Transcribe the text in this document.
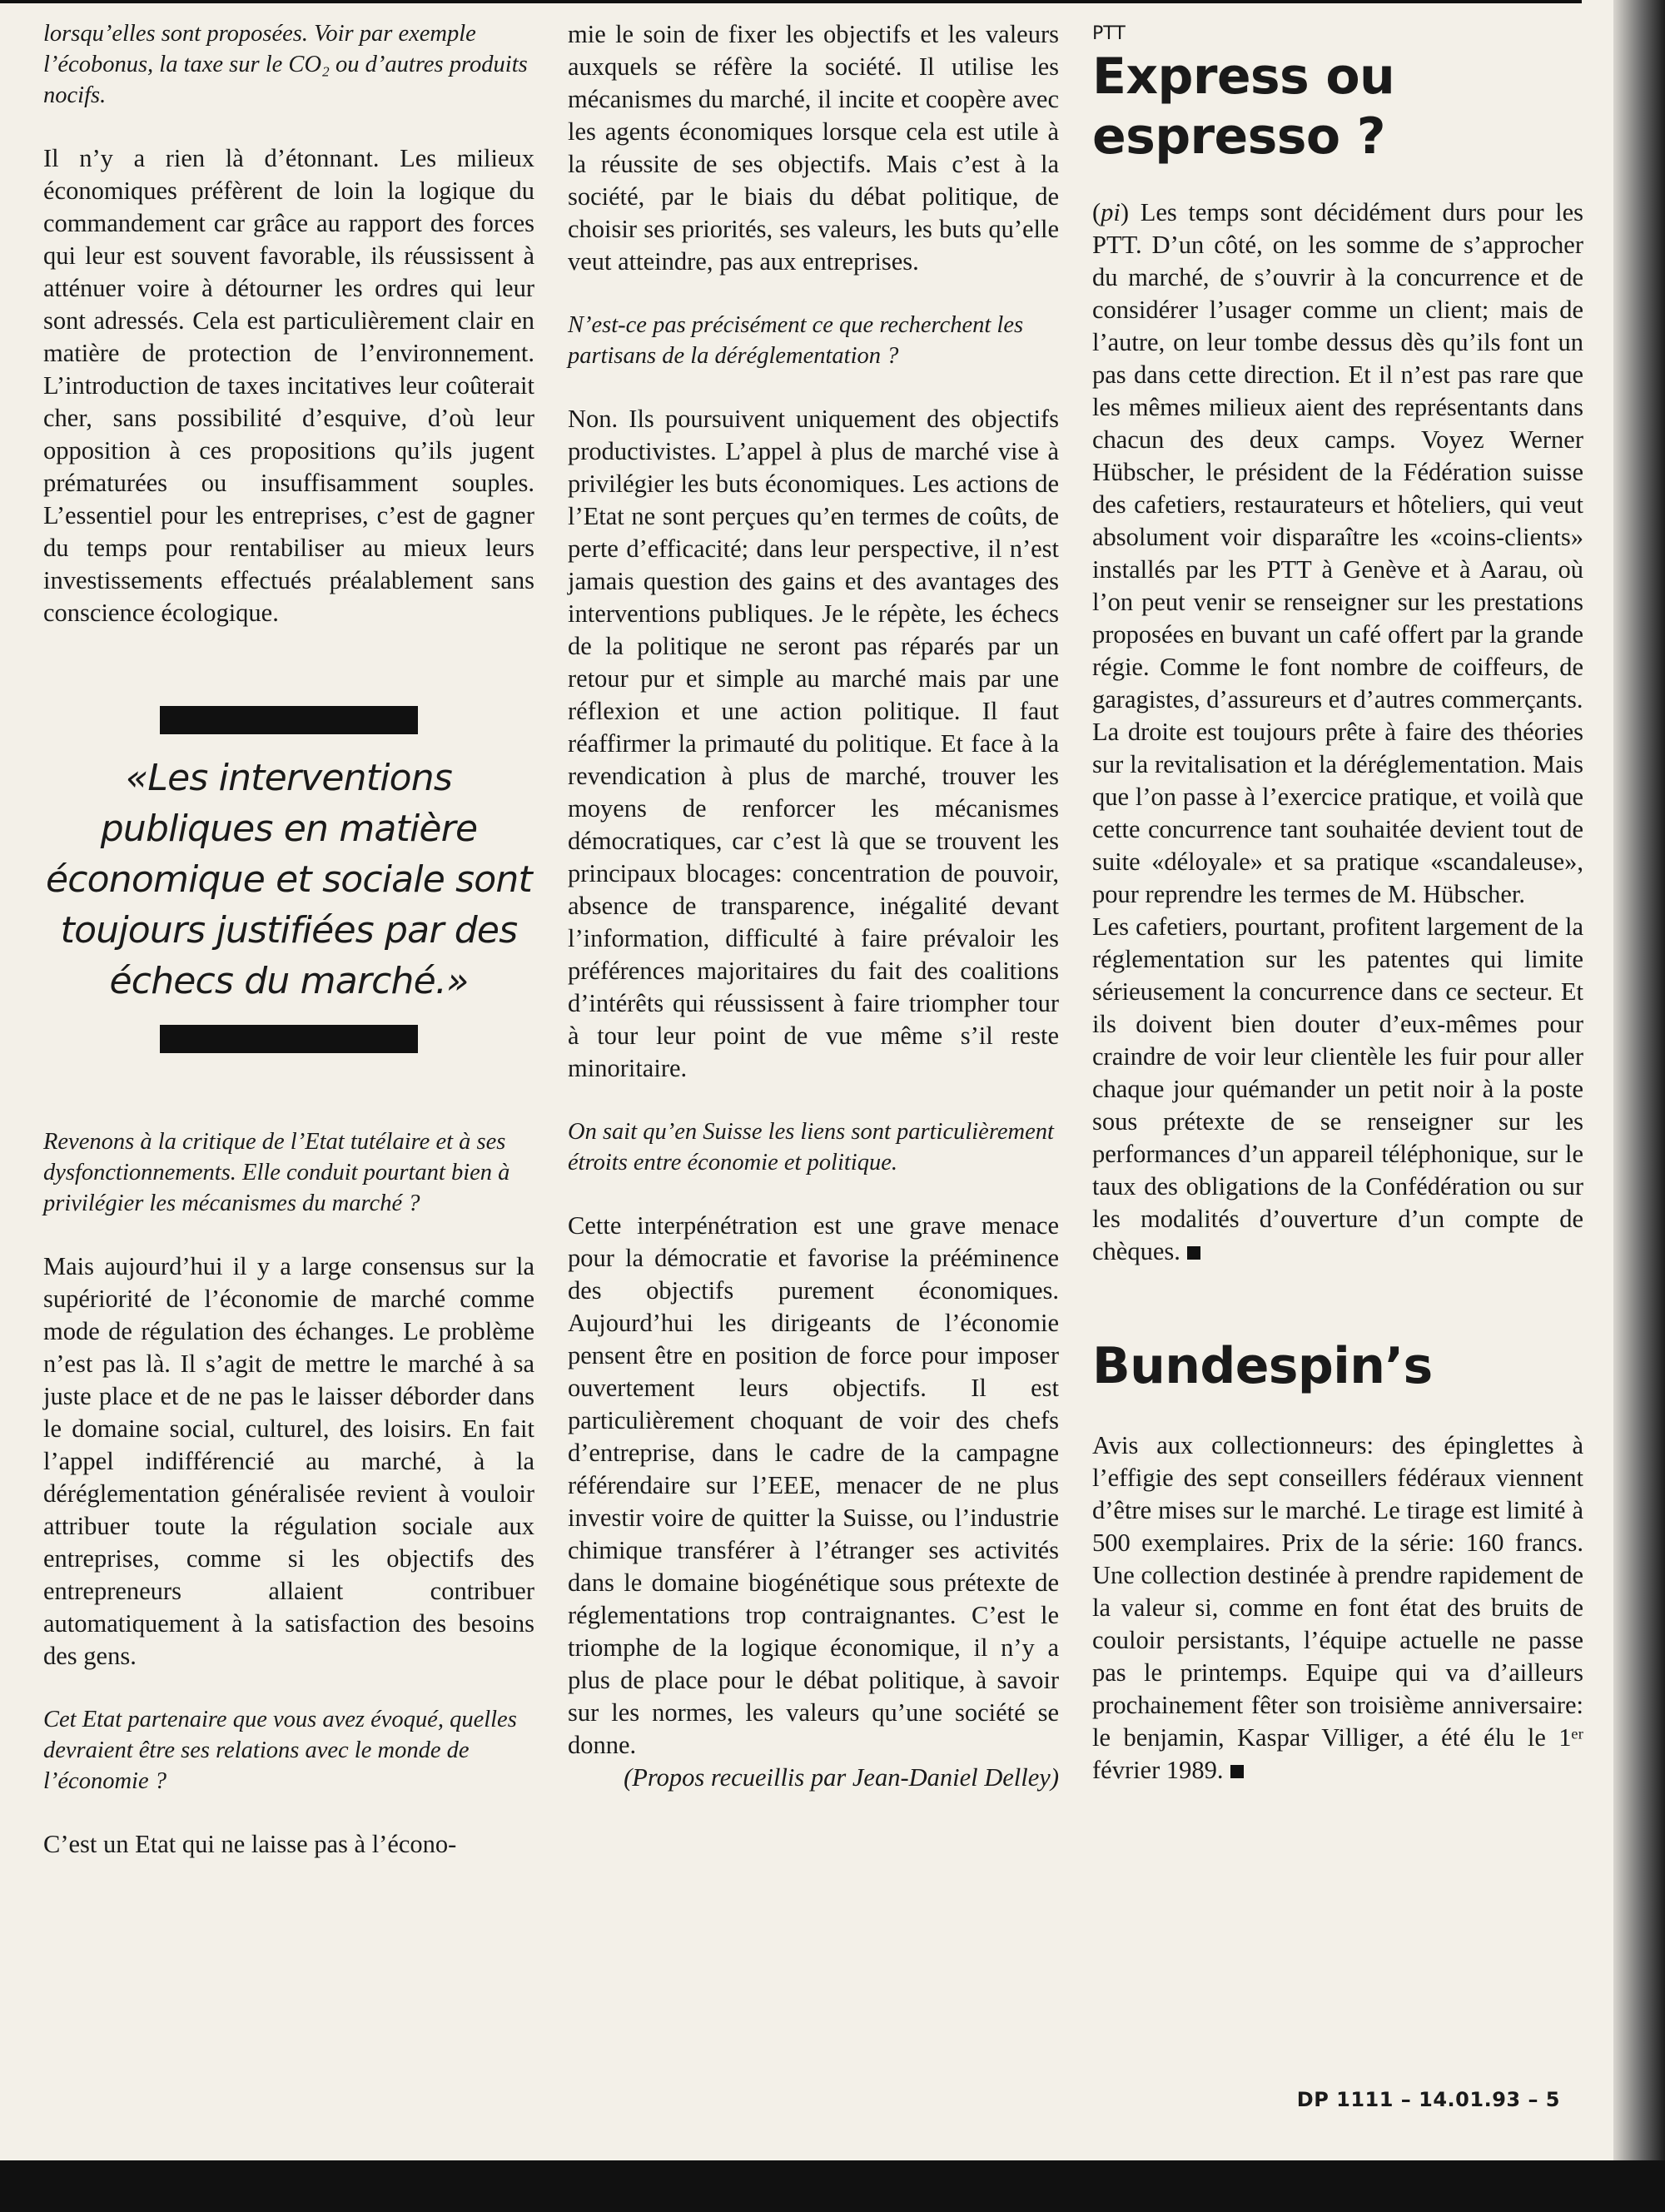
lorsqu’elles sont proposées. Voir par exemple l’écobonus, la taxe sur le CO₂ ou d’autres produits nocifs.

Il n’y a rien là d’étonnant. Les milieux économiques préfèrent de loin la logique du commandement car grâce au rapport des forces qui leur est souvent favorable, ils réussissent à atténuer voire à détourner les ordres qui leur sont adressés. Cela est particulièrement clair en matière de protection de l’environnement. L’introduction de taxes incitatives leur coûterait cher, sans possibilité d’esquive, d’où leur opposition à ces propositions qu’ils jugent prématurées ou insuffisamment souples. L’essentiel pour les entreprises, c’est de gagner du temps pour rentabiliser au mieux leurs investissements effectués préalablement sans conscience écologique.

«Les interventions publiques en matière économique et sociale sont toujours justifiées par des échecs du marché.»

Revenons à la critique de l’Etat tutélaire et à ses dysfonctionnements. Elle conduit pourtant bien à privilégier les mécanismes du marché ?

Mais aujourd’hui il y a large consensus sur la supériorité de l’économie de marché comme mode de régulation des échanges. Le problème n’est pas là. Il s’agit de mettre le marché à sa juste place et de ne pas le laisser déborder dans le domaine social, culturel, des loisirs. En fait l’appel indifférencié au marché, à la déréglementation généralisée revient à vouloir attribuer toute la régulation sociale aux entreprises, comme si les objectifs des entrepreneurs allaient contribuer automatiquement à la satisfaction des besoins des gens.

Cet Etat partenaire que vous avez évoqué, quelles devraient être ses relations avec le monde de l’économie ?

C’est un Etat qui ne laisse pas à l’écono-

mie le soin de fixer les objectifs et les valeurs auxquels se réfère la société. Il utilise les mécanismes du marché, il incite et coopère avec les agents économiques lorsque cela est utile à la réussite de ses objectifs. Mais c’est à la société, par le biais du débat politique, de choisir ses priorités, ses valeurs, les buts qu’elle veut atteindre, pas aux entreprises.

N’est-ce pas précisément ce que recherchent les partisans de la déréglementation ?

Non. Ils poursuivent uniquement des objectifs productivistes. L’appel à plus de marché vise à privilégier les buts économiques. Les actions de l’Etat ne sont perçues qu’en termes de coûts, de perte d’efficacité; dans leur perspective, il n’est jamais question des gains et des avantages des interventions publiques. Je le répète, les échecs de la politique ne seront pas réparés par un retour pur et simple au marché mais par une réflexion et une action politique. Il faut réaffirmer la primauté du politique. Et face à la revendication à plus de marché, trouver les moyens de renforcer les mécanismes démocratiques, car c’est là que se trouvent les principaux blocages: concentration de pouvoir, absence de transparence, inégalité devant l’information, difficulté à faire prévaloir les préférences majoritaires du fait des coalitions d’intérêts qui réussissent à faire triompher tour à tour leur point de vue même s’il reste minoritaire.

On sait qu’en Suisse les liens sont particulièrement étroits entre économie et politique.

Cette interpénétration est une grave menace pour la démocratie et favorise la prééminence des objectifs purement économiques. Aujourd’hui les dirigeants de l’économie pensent être en position de force pour imposer ouvertement leurs objectifs. Il est particulièrement choquant de voir des chefs d’entreprise, dans le cadre de la campagne référendaire sur l’EEE, menacer de ne plus investir voire de quitter la Suisse, ou l’industrie chimique transférer à l’étranger ses activités dans le domaine biogénétique sous prétexte de réglementations trop contraignantes. C’est le triomphe de la logique économique, il n’y a plus de place pour le débat politique, à savoir sur les normes, les valeurs qu’une société se donne.

(Propos recueillis par Jean-Daniel Delley)

PTT
Express ou espresso ?

(pi) Les temps sont décidément durs pour les PTT. D’un côté, on les somme de s’approcher du marché, de s’ouvrir à la concurrence et de considérer l’usager comme un client; mais de l’autre, on leur tombe dessus dès qu’ils font un pas dans cette direction. Et il n’est pas rare que les mêmes milieux aient des représentants dans chacun des deux camps. Voyez Werner Hübscher, le président de la Fédération suisse des cafetiers, restaurateurs et hôteliers, qui veut absolument voir disparaître les «coins-clients» installés par les PTT à Genève et à Aarau, où l’on peut venir se renseigner sur les prestations proposées en buvant un café offert par la grande régie. Comme le font nombre de coiffeurs, de garagistes, d’assureurs et d’autres commerçants.

La droite est toujours prête à faire des théories sur la revitalisation et la déréglementation. Mais que l’on passe à l’exercice pratique, et voilà que cette concurrence tant souhaitée devient tout de suite «déloyale» et sa pratique «scandaleuse», pour reprendre les termes de M. Hübscher.

Les cafetiers, pourtant, profitent largement de la réglementation sur les patentes qui limite sérieusement la concurrence dans ce secteur. Et ils doivent bien douter d’eux-mêmes pour craindre de voir leur clientèle les fuir pour aller chaque jour quémander un petit noir à la poste sous prétexte de se renseigner sur les performances d’un appareil téléphonique, sur le taux des obligations de la Confédération ou sur les modalités d’ouverture d’un compte de chèques.

Bundespin’s

Avis aux collectionneurs: des épinglettes à l’effigie des sept conseillers fédéraux viennent d’être mises sur le marché. Le tirage est limité à 500 exemplaires. Prix de la série: 160 francs. Une collection destinée à prendre rapidement de la valeur si, comme en font état des bruits de couloir persistants, l’équipe actuelle ne passe pas le printemps. Equipe qui va d’ailleurs prochainement fêter son troisième anniversaire: le benjamin, Kaspar Villiger, a été élu le 1ᵉʳ février 1989.

DP 1111 – 14.01.93 – 5
